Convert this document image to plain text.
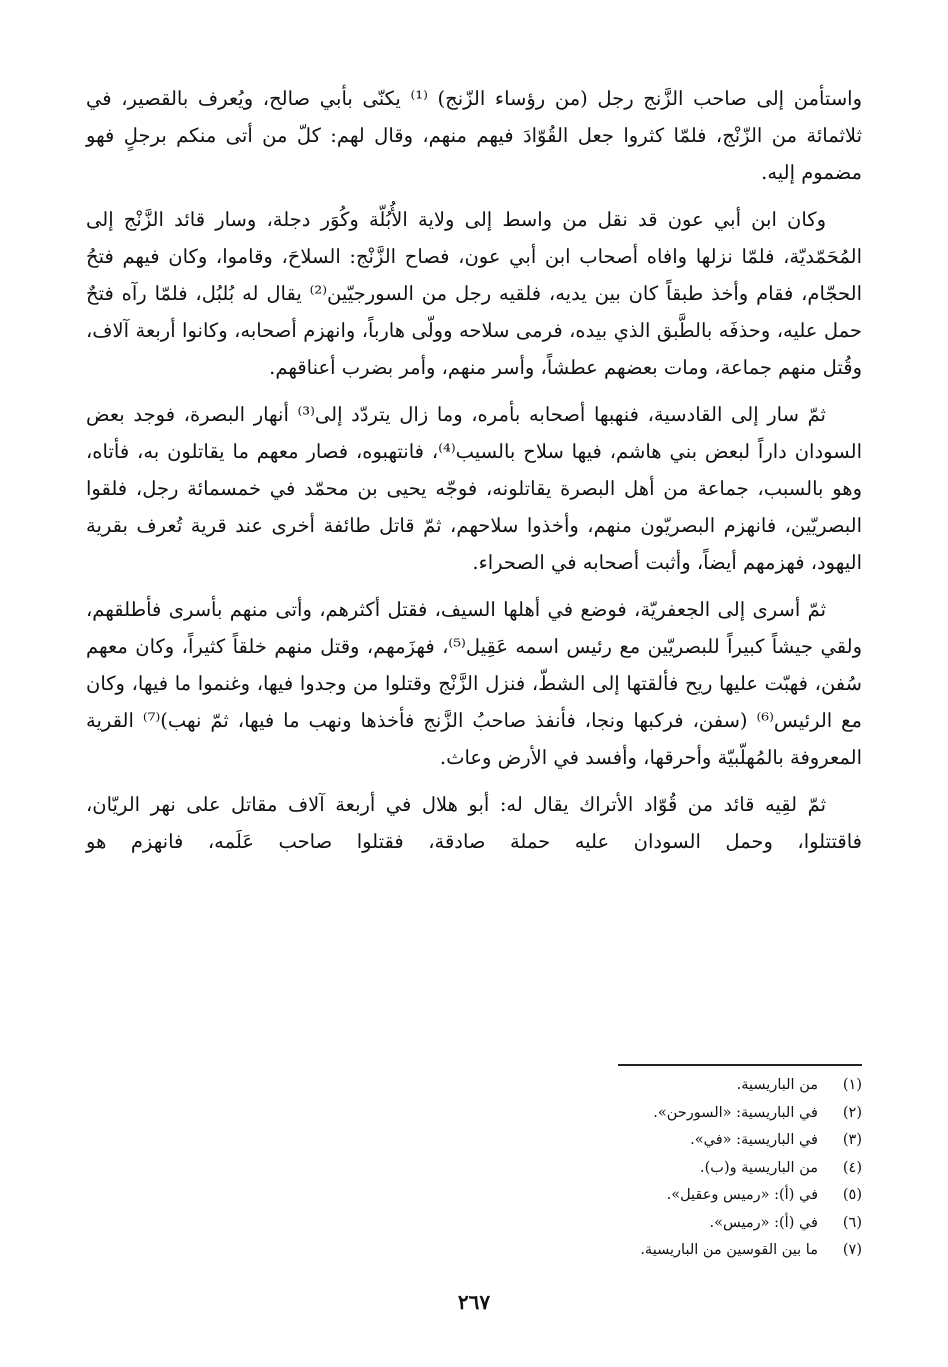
واستأمن إلى صاحب الزَّنج رجل (من رؤساء الزّنج) ⁽¹⁾ يكنّى بأبي صالح، ويُعرف بالقصير، في ثلاثمائة من الزّنْج، فلمّا كثروا جعل القُوّادَ فيهم منهم، وقال لهم: كلّ من أتى منكم برجلٍ فهو مضموم إليه.

وكان ابن أبي عون قد نقل من واسط إلى ولاية الأُبُلّة وكُوَر دجلة، وسار قائد الزَّنْج إلى المُحَمّديّة، فلمّا نزلها وافاه أصحاب ابن أبي عون، فصاح الزَّنْج: السلاحَ، وقاموا، وكان فيهم فتحُ الحجّام، فقام وأخذ طبقاً كان بين يديه، فلقيه رجل من السورجيّين⁽²⁾ يقال له بُلبُل، فلمّا رآه فتحٌ حمل عليه، وحذفَه بالطَّبق الذي بيده، فرمى سلاحه وولّى هارباً، وانهزم أصحابه، وكانوا أربعة آلاف، وقُتل منهم جماعة، ومات بعضهم عطشاً، وأسر منهم، وأمر بضرب أعناقهم.

ثمّ سار إلى القادسية، فنهبها أصحابه بأمره، وما زال يتردّد إلى⁽³⁾ أنهار البصرة، فوجد بعض السودان داراً لبعض بني هاشم، فيها سلاح بالسيب⁽⁴⁾، فانتهبوه، فصار معهم ما يقاتلون به، فأتاه، وهو بالسبب، جماعة من أهل البصرة يقاتلونه، فوجّه يحيى بن محمّد في خمسمائة رجل، فلقوا البصريّين، فانهزم البصريّون منهم، وأخذوا سلاحهم، ثمّ قاتل طائفة أخرى عند قرية تُعرف بقرية اليهود، فهزمهم أيضاً، وأثبت أصحابه في الصحراء.

ثمّ أسرى إلى الجعفريّة، فوضع في أهلها السيف، فقتل أكثرهم، وأتى منهم بأسرى فأطلقهم، ولقي جيشاً كبيراً للبصريّين مع رئيس اسمه عَقِيل⁽⁵⁾، فهزَمهم، وقتل منهم خلقاً كثيراً، وكان معهم سُفن، فهبّت عليها ريح فألقتها إلى الشطّ، فنزل الزَّنْج وقتلوا من وجدوا فيها، وغنموا ما فيها، وكان مع الرئيس⁽⁶⁾ (سفن، فركبها ونجا، فأنفذ صاحبُ الزَّنج فأخذها ونهب ما فيها، ثمّ نهب)⁽⁷⁾ القرية المعروفة بالمُهلّبيّة وأحرقها، وأفسد في الأرض وعاث.

ثمّ لقِيه قائد من قُوّاد الأتراك يقال له: أبو هلال في أربعة آلاف مقاتل على نهر الريّان، فاقتتلوا، وحمل السودان عليه حملة صادقة، فقتلوا صاحب عَلَمه، فانهزم هو

(١)
من الباريسية.
(٢)
في الباريسية: «السورحن».
(٣)
في الباريسية: «في».
(٤)
من الباريسية و(ب).
(٥)
في (أ): «رميس وعقيل».
(٦)
في (أ): «رميس».
(٧)
ما بين القوسين من الباريسية.
٢٦٧
